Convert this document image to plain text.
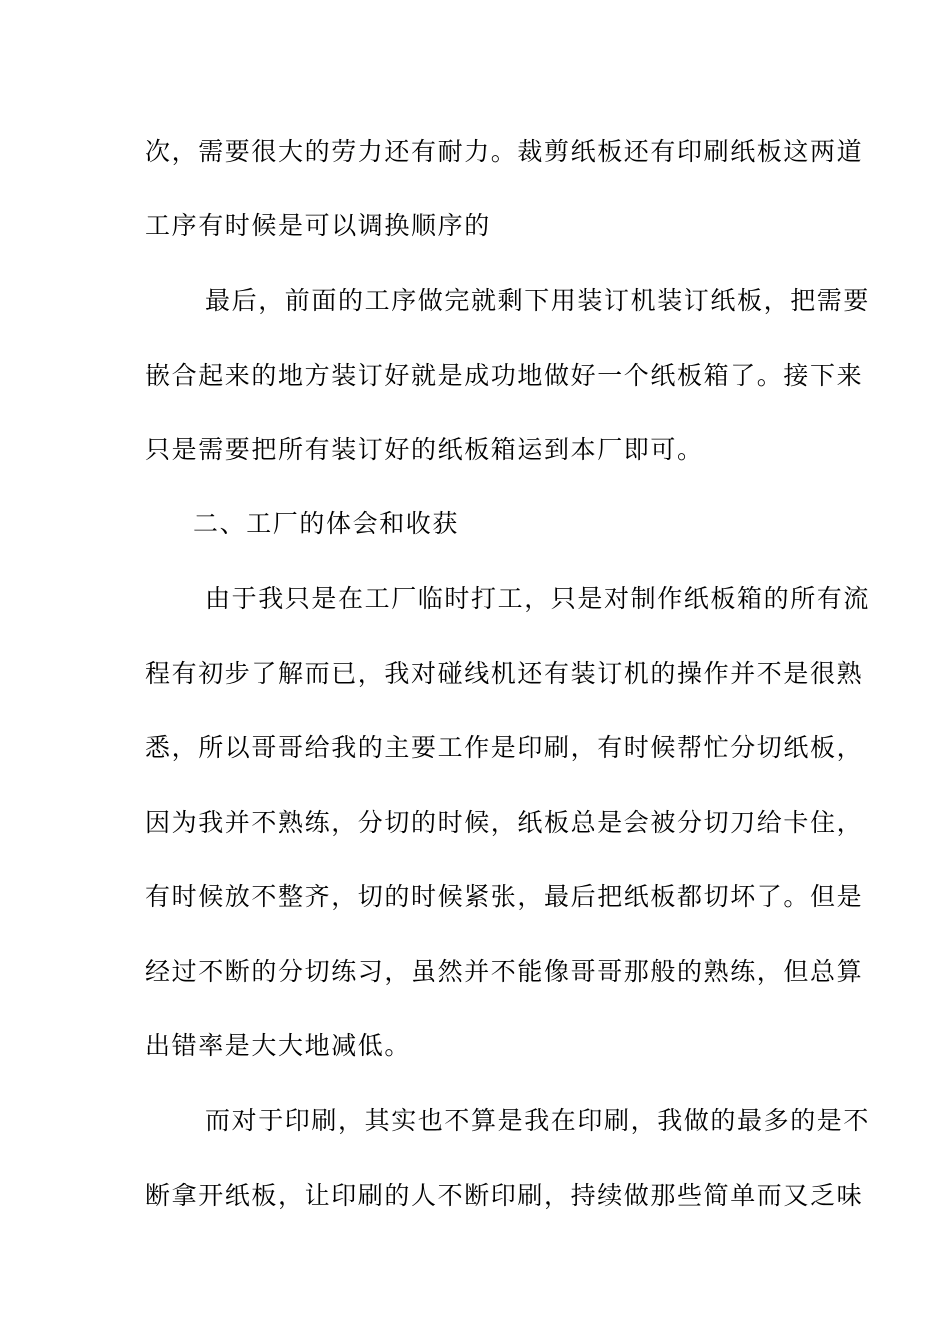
次，需要很大的劳力还有耐力。裁剪纸板还有印刷纸板这两道
工序有时候是可以调换顺序的
最后，前面的工序做完就剩下用装订机装订纸板，把需要
嵌合起来的地方装订好就是成功地做好一个纸板箱了。接下来
只是需要把所有装订好的纸板箱运到本厂即可。
二、工厂的体会和收获
由于我只是在工厂临时打工，只是对制作纸板箱的所有流
程有初步了解而已，我对碰线机还有装订机的操作并不是很熟
悉，所以哥哥给我的主要工作是印刷，有时候帮忙分切纸板，
因为我并不熟练，分切的时候，纸板总是会被分切刀给卡住，
有时候放不整齐，切的时候紧张，最后把纸板都切坏了。但是
经过不断的分切练习，虽然并不能像哥哥那般的熟练，但总算
出错率是大大地减低。
而对于印刷，其实也不算是我在印刷，我做的最多的是不
断拿开纸板，让印刷的人不断印刷，持续做那些简单而又乏味
